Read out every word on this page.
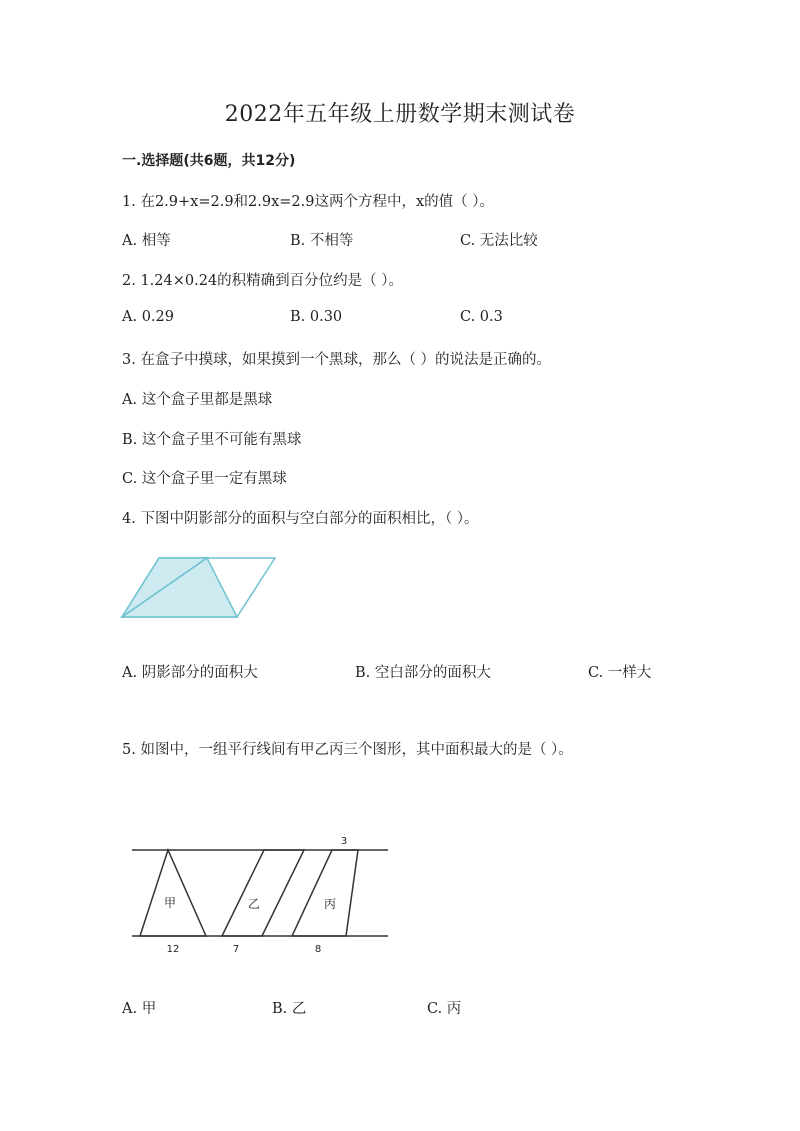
2022年五年级上册数学期末测试卷
一.选择题(共6题，共12分)
1. 在2.9+x=2.9和2.9x=2.9这两个方程中，x的值（ ）。
A. 相等	B. 不相等	C. 无法比较
2. 1.24×0.24的积精确到百分位约是（ ）。
A. 0.29	B. 0.30	C. 0.3
3. 在盒子中摸球，如果摸到一个黑球，那么（ ）的说法是正确的。
A. 这个盒子里都是黑球
B. 这个盒子里不可能有黑球
C. 这个盒子里一定有黑球
4. 下图中阴影部分的面积与空白部分的面积相比，（ ）。
A. 阴影部分的面积大	B. 空白部分的面积大	C. 一样大
5. 如图中，一组平行线间有甲乙丙三个图形，其中面积最大的是（ ）。
甲	乙	丙
3
12	7	8
A. 甲	B. 乙	C. 丙
